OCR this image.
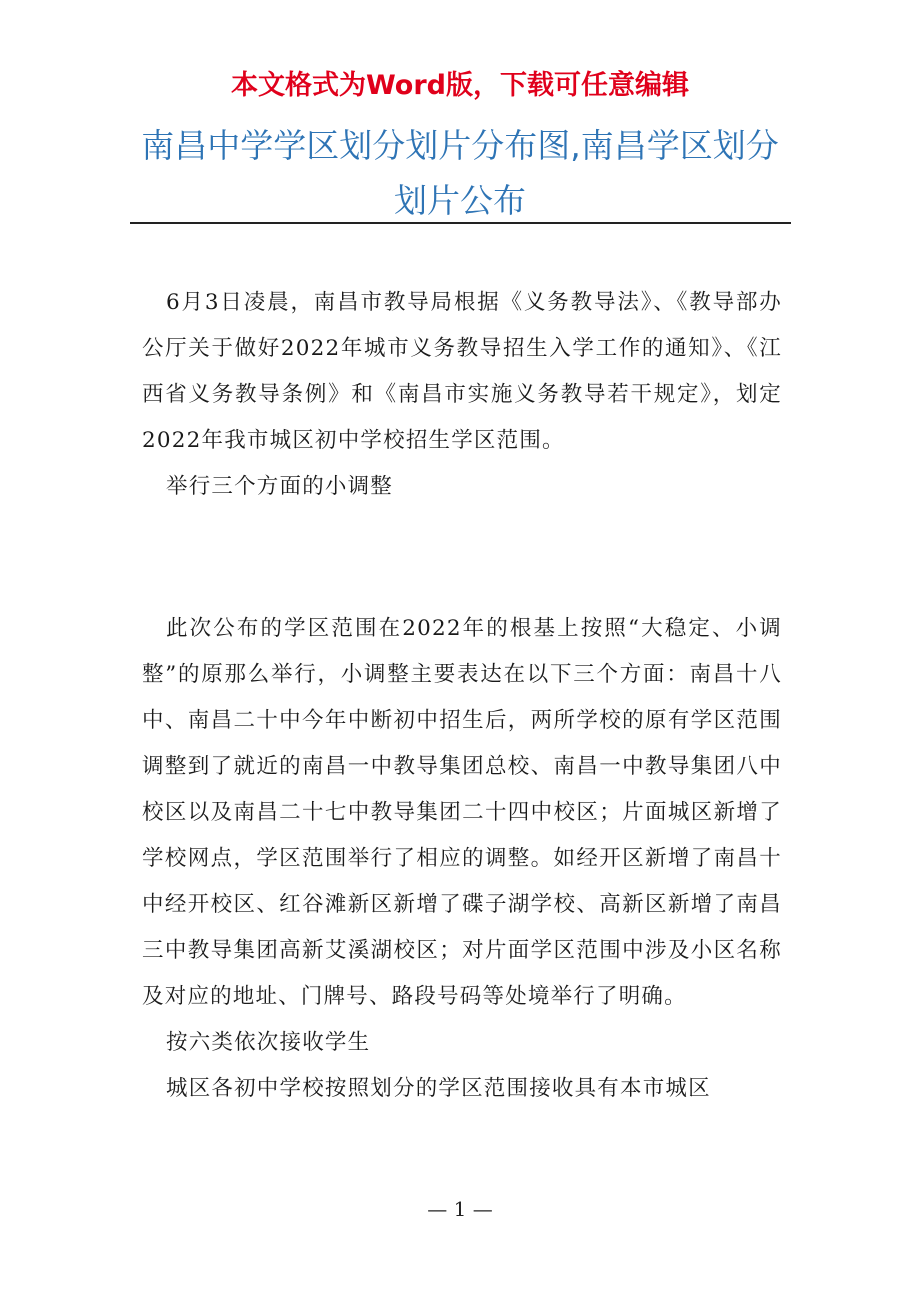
本文格式为Word版，下载可任意编辑
南昌中学学区划分划片分布图,南昌学区划分划片公布

6月3日凌晨，南昌市教导局根据《义务教导法》、《教导部办公厅关于做好2022年城市义务教导招生入学工作的通知》、《江西省义务教导条例》和《南昌市实施义务教导若干规定》，划定2022年我市城区初中学校招生学区范围。

举行三个方面的小调整

此次公布的学区范围在2022年的根基上按照“大稳定、小调整”的原那么举行，小调整主要表达在以下三个方面：南昌十八中、南昌二十中今年中断初中招生后，两所学校的原有学区范围调整到了就近的南昌一中教导集团总校、南昌一中教导集团八中校区以及南昌二十七中教导集团二十四中校区；片面城区新增了学校网点，学区范围举行了相应的调整。如经开区新增了南昌十中经开校区、红谷滩新区新增了碟子湖学校、高新区新增了南昌三中教导集团高新艾溪湖校区；对片面学区范围中涉及小区名称及对应的地址、门牌号、路段号码等处境举行了明确。

按六类依次接收学生

城区各初中学校按照划分的学区范围接收具有本市城区

— 1 —
